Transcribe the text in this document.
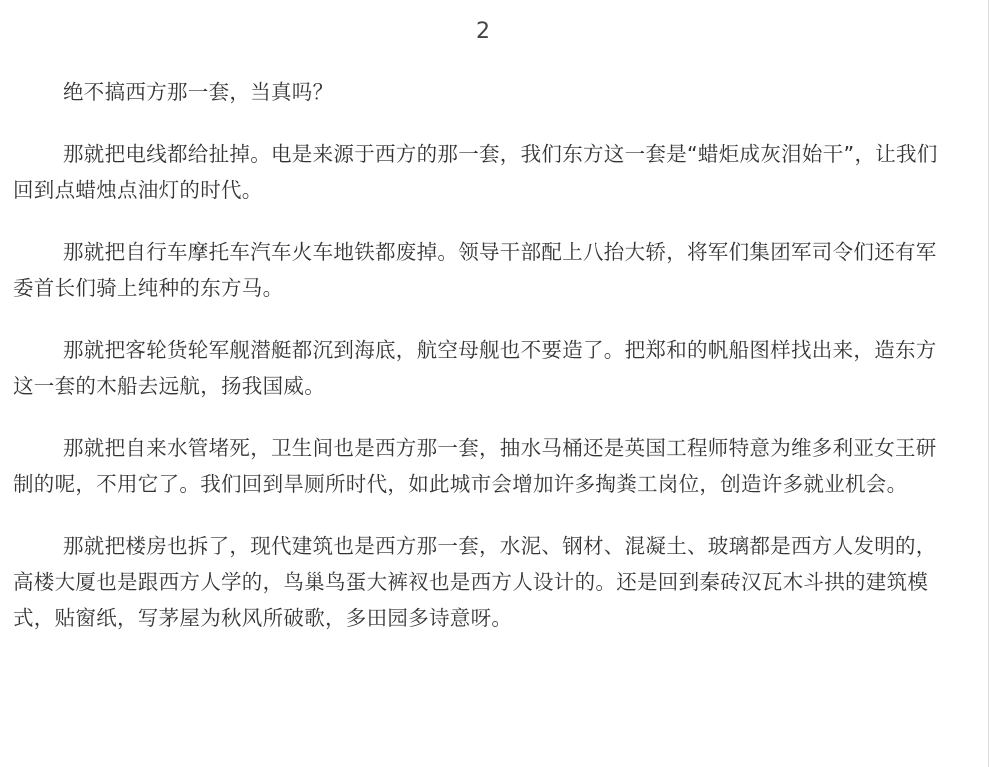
2

绝不搞西方那一套，当真吗？

那就把电线都给扯掉。电是来源于西方的那一套，我们东方这一套是“蜡炬成灰泪始干”，让我们回到点蜡烛点油灯的时代。

那就把自行车摩托车汽车火车地铁都废掉。领导干部配上八抬大轿，将军们集团军司令们还有军委首长们骑上纯种的东方马。

那就把客轮货轮军舰潜艇都沉到海底，航空母舰也不要造了。把郑和的帆船图样找出来，造东方这一套的木船去远航，扬我国威。

那就把自来水管堵死，卫生间也是西方那一套，抽水马桶还是英国工程师特意为维多利亚女王研制的呢，不用它了。我们回到旱厕所时代，如此城市会增加许多掏粪工岗位，创造许多就业机会。

那就把楼房也拆了，现代建筑也是西方那一套，水泥、钢材、混凝土、玻璃都是西方人发明的，高楼大厦也是跟西方人学的，鸟巢鸟蛋大裤衩也是西方人设计的。还是回到秦砖汉瓦木斗拱的建筑模式，贴窗纸，写茅屋为秋风所破歌，多田园多诗意呀。
